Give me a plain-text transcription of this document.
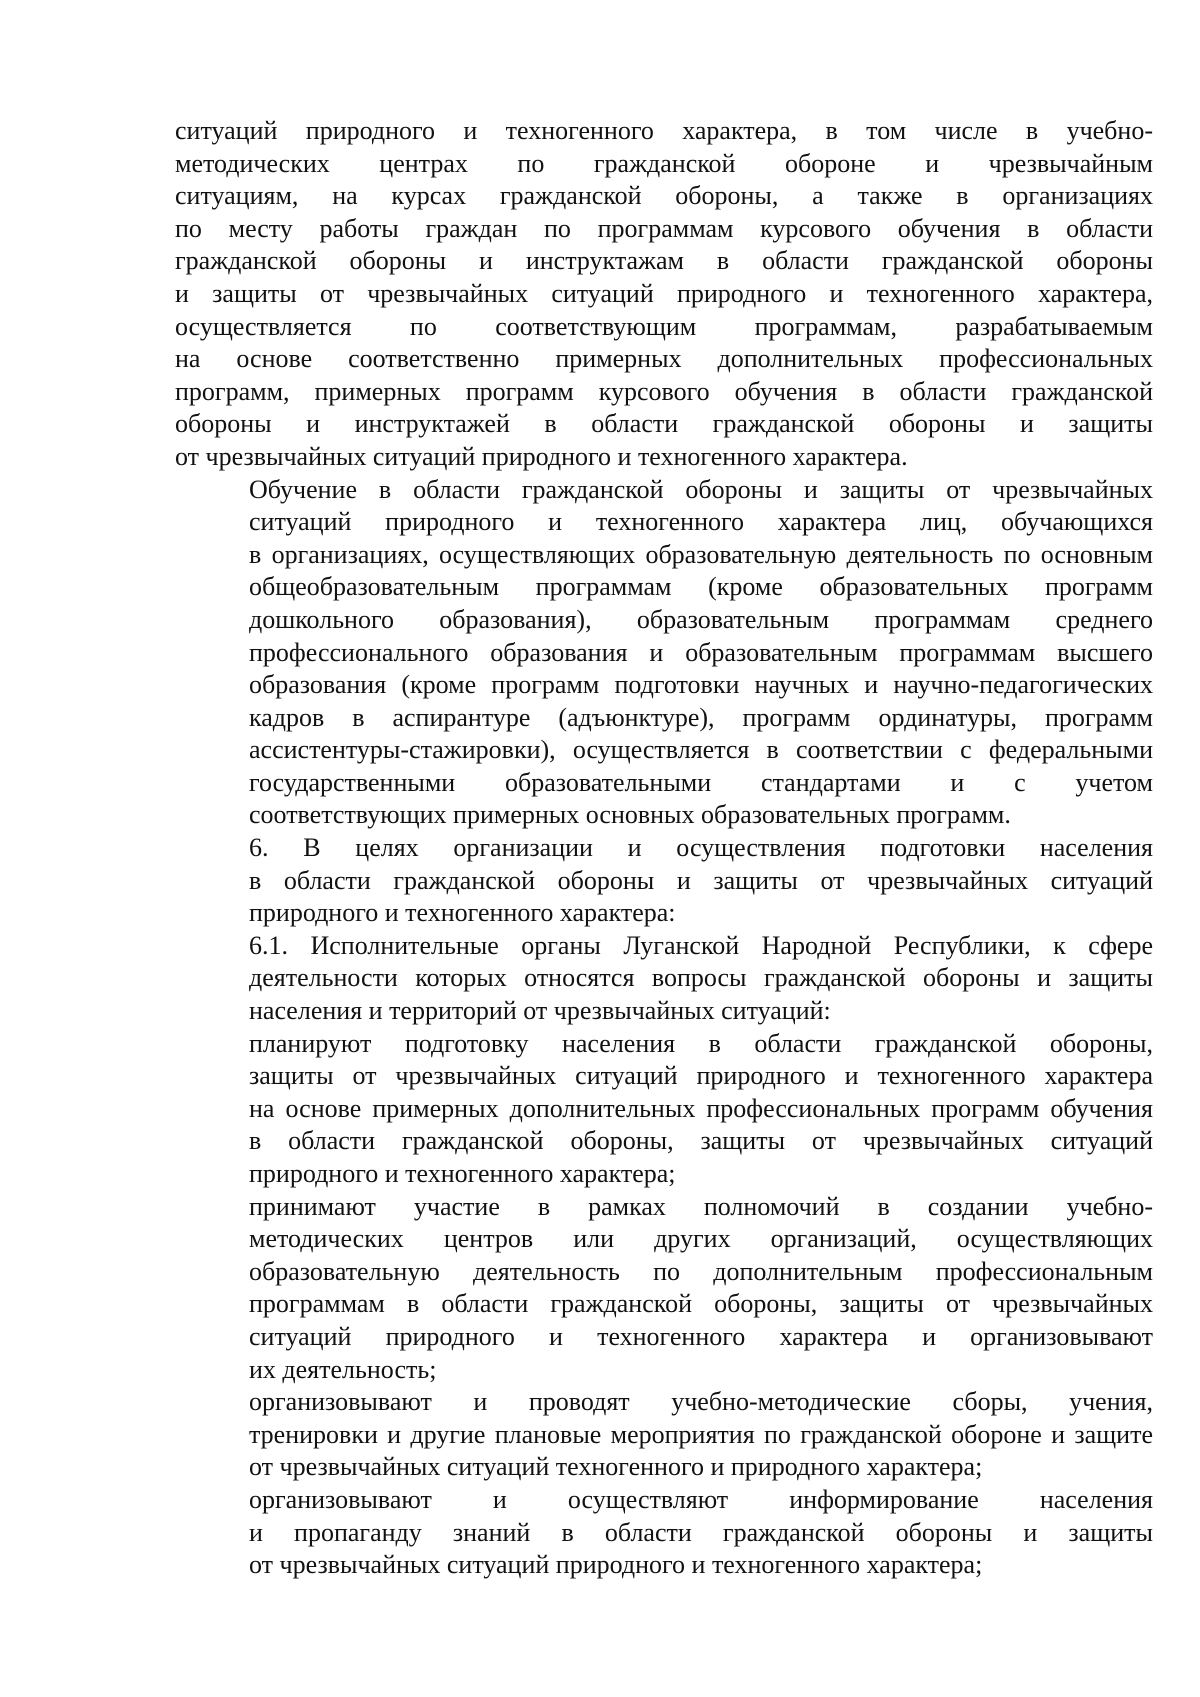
ситуаций природного и техногенного характера, в том числе в учебно-
методических центрах по гражданской обороне и чрезвычайным
ситуациям, на курсах гражданской обороны, а также в организациях
по месту работы граждан по программам курсового обучения в области
гражданской обороны и инструктажам в области гражданской обороны
и защиты от чрезвычайных ситуаций природного и техногенного характера,
осуществляется по соответствующим программам, разрабатываемым
на основе соответственно примерных дополнительных профессиональных
программ, примерных программ курсового обучения в области гражданской
обороны и инструктажей в области гражданской обороны и защиты
от чрезвычайных ситуаций природного и техногенного характера.
Обучение в области гражданской обороны и защиты от чрезвычайных
ситуаций природного и техногенного характера лиц, обучающихся
в организациях, осуществляющих образовательную деятельность по основным
общеобразовательным программам (кроме образовательных программ
дошкольного образования), образовательным программам среднего
профессионального образования и образовательным программам высшего
образования (кроме программ подготовки научных и научно-педагогических
кадров в аспирантуре (адъюнктуре), программ ординатуры, программ
ассистентуры-стажировки), осуществляется в соответствии с федеральными
государственными образовательными стандартами и с учетом
соответствующих примерных основных образовательных программ.
6. В целях организации и осуществления подготовки населения
в области гражданской обороны и защиты от чрезвычайных ситуаций
природного и техногенного характера:
6.1. Исполнительные органы Луганской Народной Республики, к сфере
деятельности которых относятся вопросы гражданской обороны и защиты
населения и территорий от чрезвычайных ситуаций:
планируют подготовку населения в области гражданской обороны,
защиты от чрезвычайных ситуаций природного и техногенного характера
на основе примерных дополнительных профессиональных программ обучения
в области гражданской обороны, защиты от чрезвычайных ситуаций
природного и техногенного характера;
принимают участие в рамках полномочий в создании учебно-
методических центров или других организаций, осуществляющих
образовательную деятельность по дополнительным профессиональным
программам в области гражданской обороны, защиты от чрезвычайных
ситуаций природного и техногенного характера и организовывают
их деятельность;
организовывают и проводят учебно-методические сборы, учения,
тренировки и другие плановые мероприятия по гражданской обороне и защите
от чрезвычайных ситуаций техногенного и природного характера;
организовывают и осуществляют информирование населения
и пропаганду знаний в области гражданской обороны и защиты
от чрезвычайных ситуаций природного и техногенного характера;
